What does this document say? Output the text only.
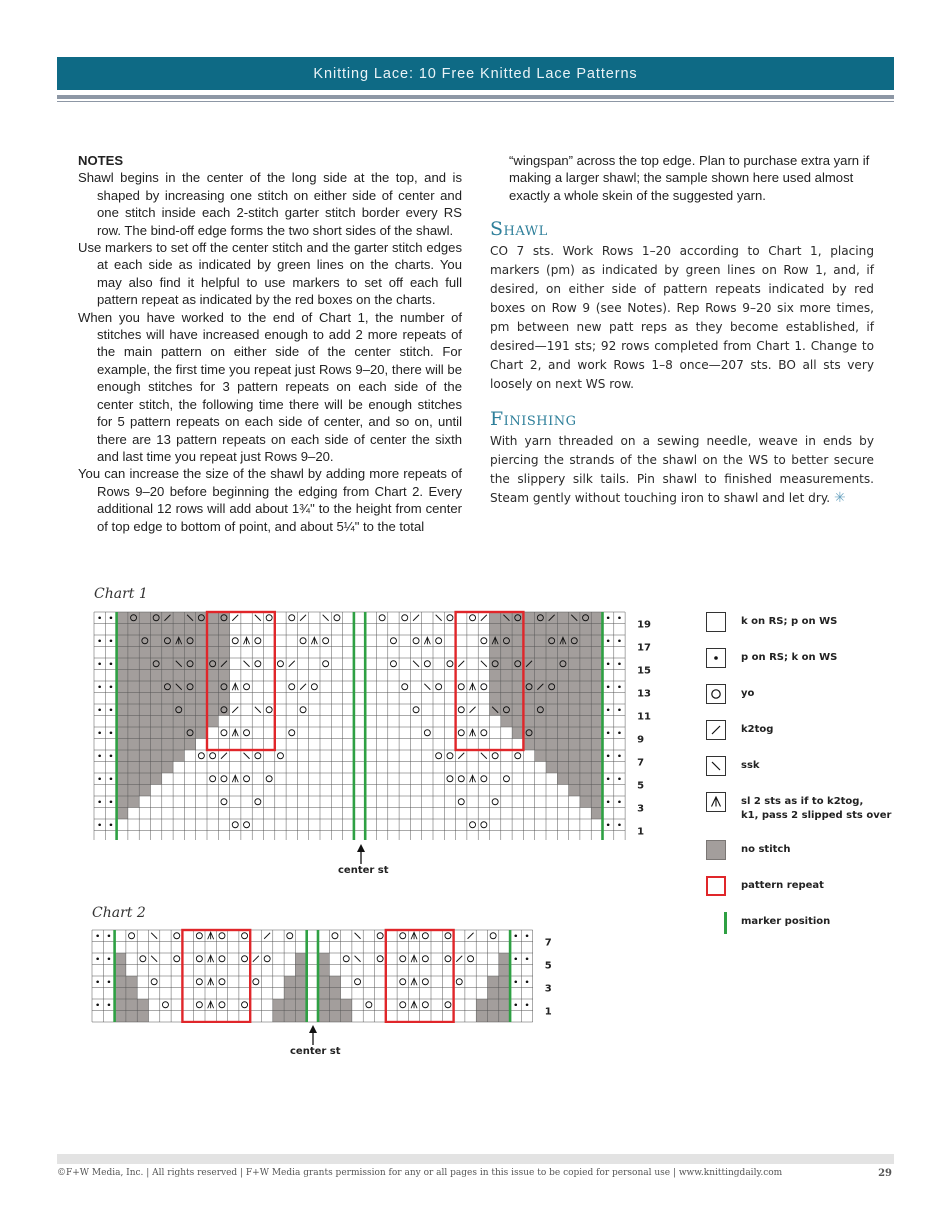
Knitting Lace: 10 Free Knitted Lace Patterns
NOTES

Shawl begins in the center of the long side at the top, and is shaped by increasing one stitch on either side of center and one stitch inside each 2-stitch garter stitch border every RS row. The bind-off edge forms the two short sides of the shawl.

Use markers to set off the center stitch and the garter stitch edges at each side as indicated by green lines on the charts. You may also find it helpful to use markers to set off each full pattern repeat as indicated by the red boxes on the charts.

When you have worked to the end of Chart 1, the number of stitches will have increased enough to add 2 more repeats of the main pattern on either side of the center stitch. For example, the first time you repeat just Rows 9–20, there will be enough stitches for 3 pattern repeats on each side of the center stitch, the following time there will be enough stitches for 5 pattern repeats on each side of center, and so on, until there are 13 pattern repeats on each side of center the sixth and last time you repeat just Rows 9–20.

You can increase the size of the shawl by adding more repeats of Rows 9–20 before beginning the edging from Chart 2. Every additional 12 rows will add about 1¾" to the height from center of top edge to bottom of point, and about 5¼" to the total

“wingspan” across the top edge. Plan to purchase extra yarn if making a larger shawl; the sample shown here used almost exactly a whole skein of the suggested yarn.

Shawl

CO 7 sts. Work Rows 1–20 according to Chart 1, placing markers (pm) as indicated by green lines on Row 1, and, if desired, on either side of pattern repeats indicated by red boxes on Row 9 (see Notes). Rep Rows 9–20 six more times, pm between new patt reps as they become established, if desired—191 sts; 92 rows completed from Chart 1. Change to Chart 2, and work Rows 1–8 once—207 sts. BO all sts very loosely on next WS row.

Finishing

With yarn threaded on a sewing needle, weave in ends by piercing the strands of the shawl on the WS to better secure the slippery silk tails. Pin shawl to finished measurements. Steam gently without touching iron to shawl and let dry. ✳

Chart 1
19
17
15
13
11
9
7
5
3
1
center st
Chart 2
7
5
3
1
center st
k on RS; p on WS
p on RS; k on WS
yo
k2tog
ssk
sl 2 sts as if to k2tog,
k1, pass 2 slipped sts over
no stitch
pattern repeat
marker position
©F+W Media, Inc. | All rights reserved | F+W Media grants permission for any or all pages in this issue to be copied for personal use | www.knittingdaily.com	29
